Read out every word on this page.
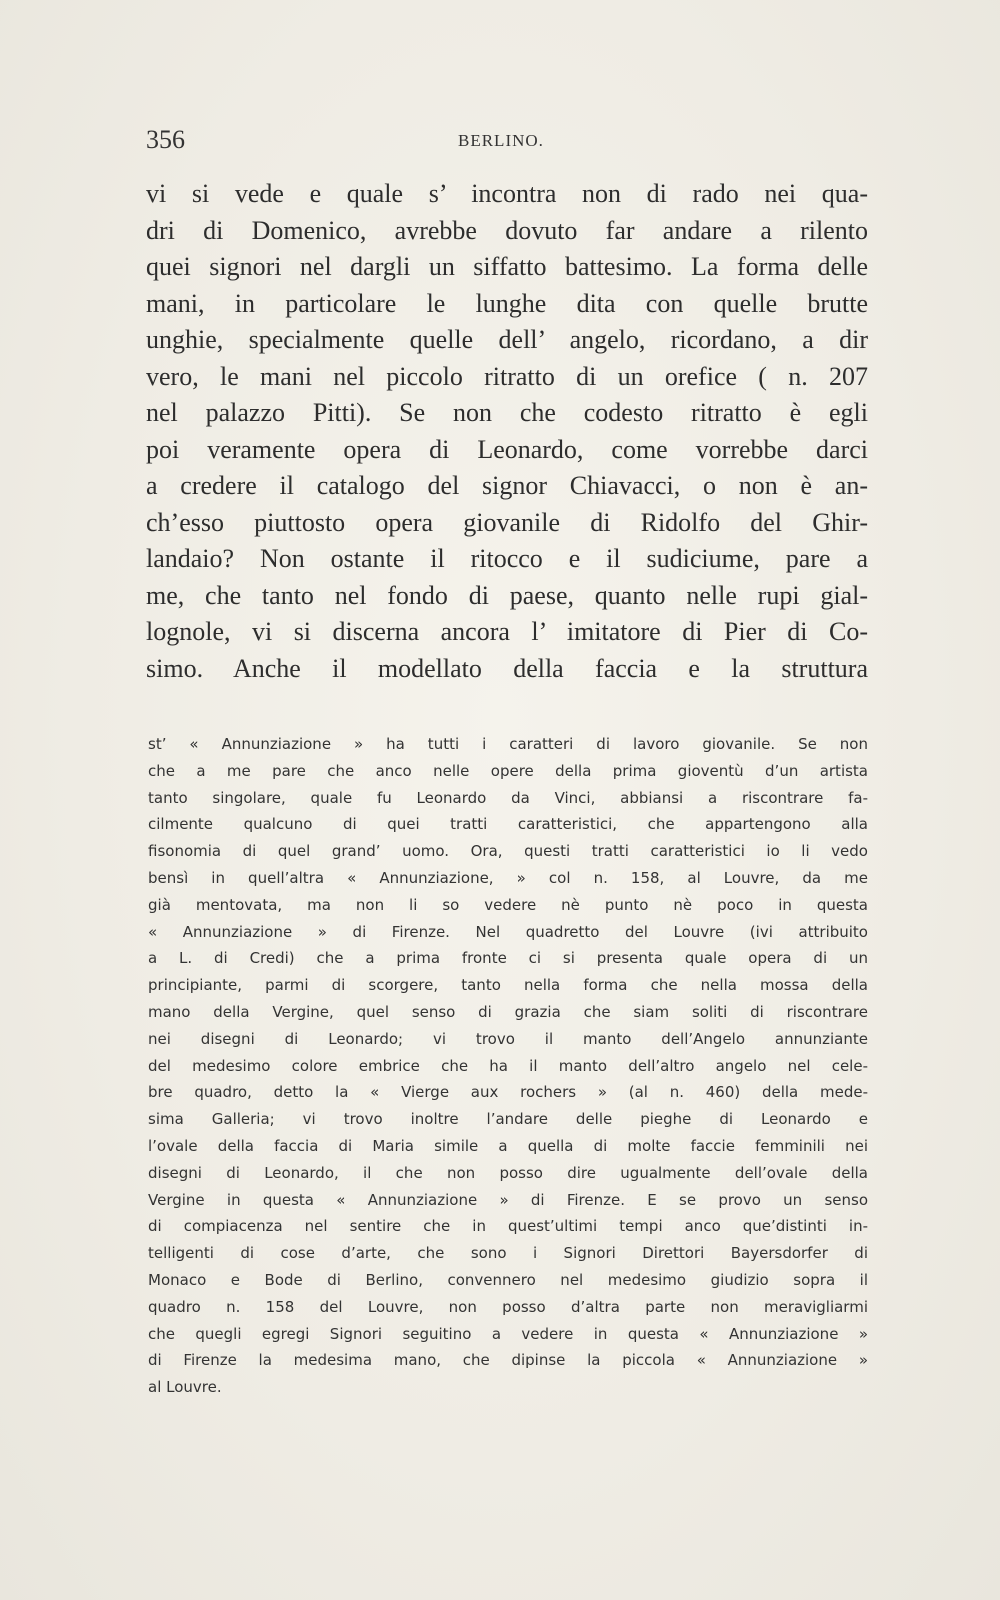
356	BERLINO.
vi si vede e quale s’ incontra non di rado nei qua-
dri di Domenico, avrebbe dovuto far andare a rilento
quei signori nel dargli un siffatto battesimo. La forma delle
mani, in particolare le lunghe dita con quelle brutte
unghie, specialmente quelle dell’ angelo, ricordano, a dir
vero, le mani nel piccolo ritratto di un orefice ( n. 207
nel palazzo Pitti). Se non che codesto ritratto è egli
poi veramente opera di Leonardo, come vorrebbe darci
a credere il catalogo del signor Chiavacci, o non è an-
ch’esso piuttosto opera giovanile di Ridolfo del Ghir-
landaio? Non ostante il ritocco e il sudiciume, pare a
me, che tanto nel fondo di paese, quanto nelle rupi gial-
lognole, vi si discerna ancora l’ imitatore di Pier di Co-
simo. Anche il modellato della faccia e la struttura
st’ « Annunziazione » ha tutti i caratteri di lavoro giovanile. Se non
che a me pare che anco nelle opere della prima gioventù d’un artista
tanto singolare, quale fu Leonardo da Vinci, abbiansi a riscontrare fa-
cilmente qualcuno di quei tratti caratteristici, che appartengono alla
fisonomia di quel grand’ uomo. Ora, questi tratti caratteristici io li vedo
bensì in quell’altra « Annunziazione, » col n. 158, al Louvre, da me
già mentovata, ma non li so vedere nè punto nè poco in questa
« Annunziazione » di Firenze. Nel quadretto del Louvre (ivi attribuito
a L. di Credi) che a prima fronte ci si presenta quale opera di un
principiante, parmi di scorgere, tanto nella forma che nella mossa della
mano della Vergine, quel senso di grazia che siam soliti di riscontrare
nei disegni di Leonardo; vi trovo il manto dell’Angelo annunziante
del medesimo colore embrice che ha il manto dell’altro angelo nel cele-
bre quadro, detto la « Vierge aux rochers » (al n. 460) della mede-
sima Galleria; vi trovo inoltre l’andare delle pieghe di Leonardo e
l’ovale della faccia di Maria simile a quella di molte faccie femminili nei
disegni di Leonardo, il che non posso dire ugualmente dell’ovale della
Vergine in questa « Annunziazione » di Firenze. E se provo un senso
di compiacenza nel sentire che in quest’ultimi tempi anco que’distinti in-
telligenti di cose d’arte, che sono i Signori Direttori Bayersdorfer di
Monaco e Bode di Berlino, convennero nel medesimo giudizio sopra il
quadro n. 158 del Louvre, non posso d’altra parte non meravigliarmi
che quegli egregi Signori seguitino a vedere in questa « Annunziazione »
di Firenze la medesima mano, che dipinse la piccola « Annunziazione »
al Louvre.
